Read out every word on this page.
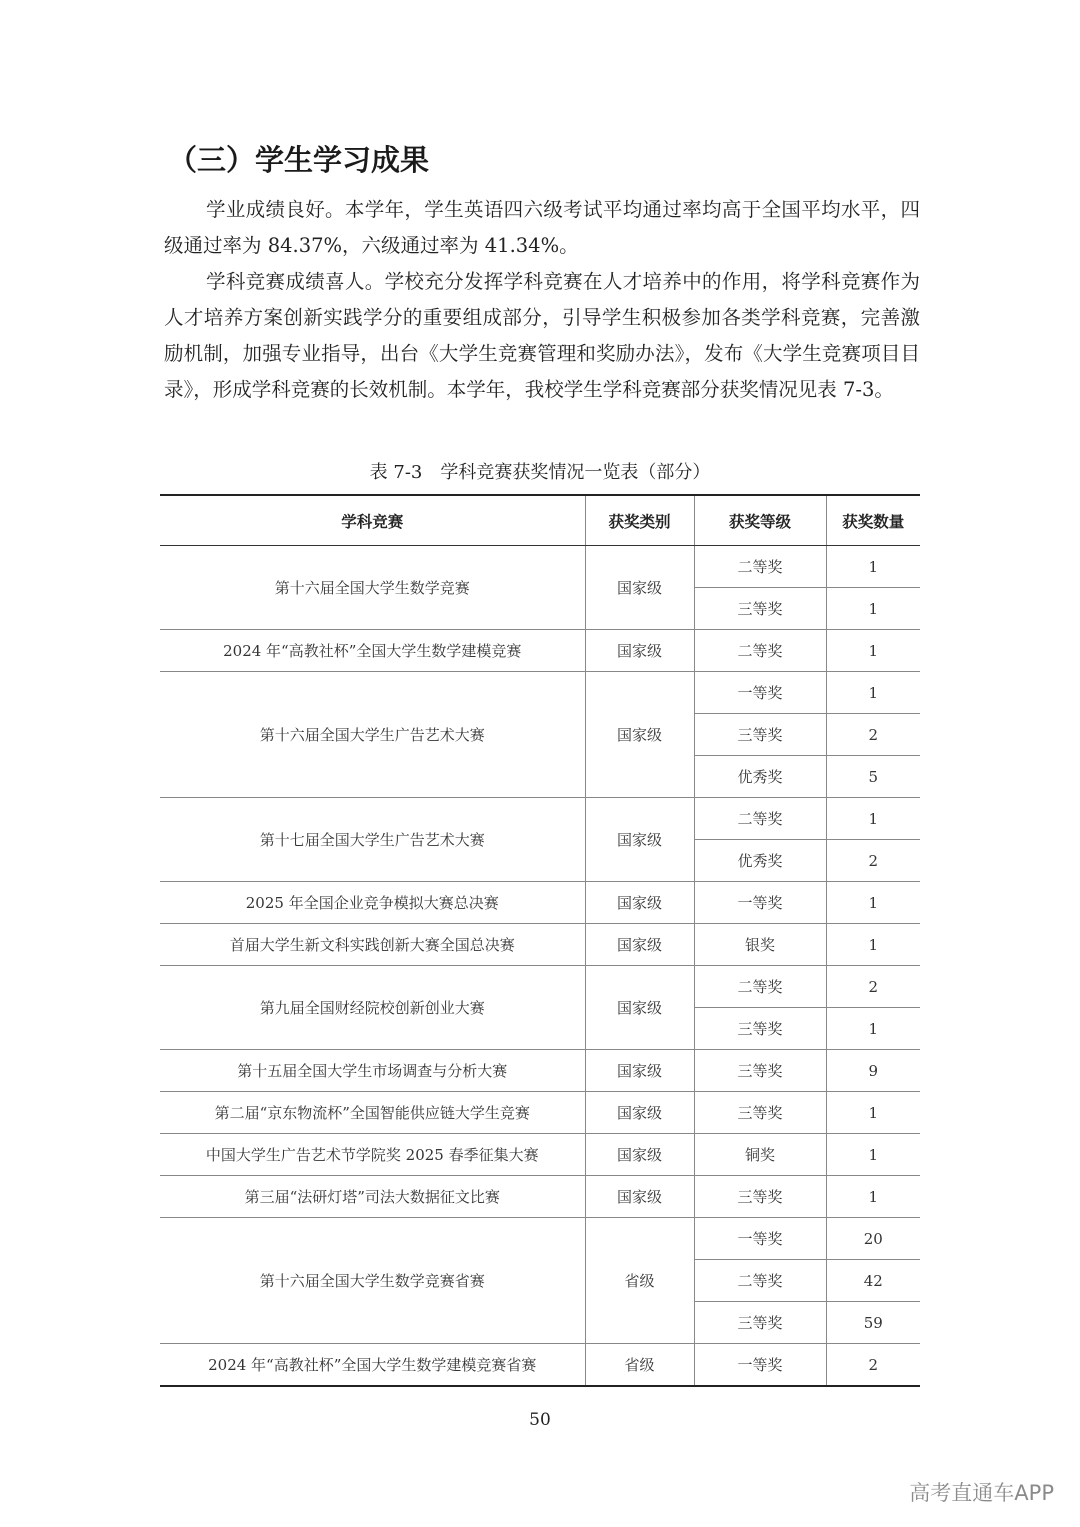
（三）学生学习成果

学业成绩良好。本学年，学生英语四六级考试平均通过率均高于全国平均水平，四级通过率为 84.37%，六级通过率为 41.34%。

学科竞赛成绩喜人。学校充分发挥学科竞赛在人才培养中的作用，将学科竞赛作为人才培养方案创新实践学分的重要组成部分，引导学生积极参加各类学科竞赛，完善激励机制，加强专业指导，出台《大学生竞赛管理和奖励办法》，发布《大学生竞赛项目目录》，形成学科竞赛的长效机制。本学年，我校学生学科竞赛部分获奖情况见表 7-3。

表 7-3　学科竞赛获奖情况一览表（部分）
学科竞赛	获奖类别	获奖等级	获奖数量
第十六届全国大学生数学竞赛	国家级	二等奖	1
		三等奖	1
2024 年“高教社杯”全国大学生数学建模竞赛	国家级	二等奖	1
第十六届全国大学生广告艺术大赛	国家级	一等奖	1
		三等奖	2
		优秀奖	5
第十七届全国大学生广告艺术大赛	国家级	二等奖	1
		优秀奖	2
2025 年全国企业竞争模拟大赛总决赛	国家级	一等奖	1
首届大学生新文科实践创新大赛全国总决赛	国家级	银奖	1
第九届全国财经院校创新创业大赛	国家级	二等奖	2
		三等奖	1
第十五届全国大学生市场调查与分析大赛	国家级	三等奖	9
第二届“京东物流杯”全国智能供应链大学生竞赛	国家级	三等奖	1
中国大学生广告艺术节学院奖 2025 春季征集大赛	国家级	铜奖	1
第三届“法研灯塔”司法大数据征文比赛	国家级	三等奖	1
第十六届全国大学生数学竞赛省赛	省级	一等奖	20
		二等奖	42
		三等奖	59
2024 年“高教社杯”全国大学生数学建模竞赛省赛	省级	一等奖	2
50
高考直通车APP
